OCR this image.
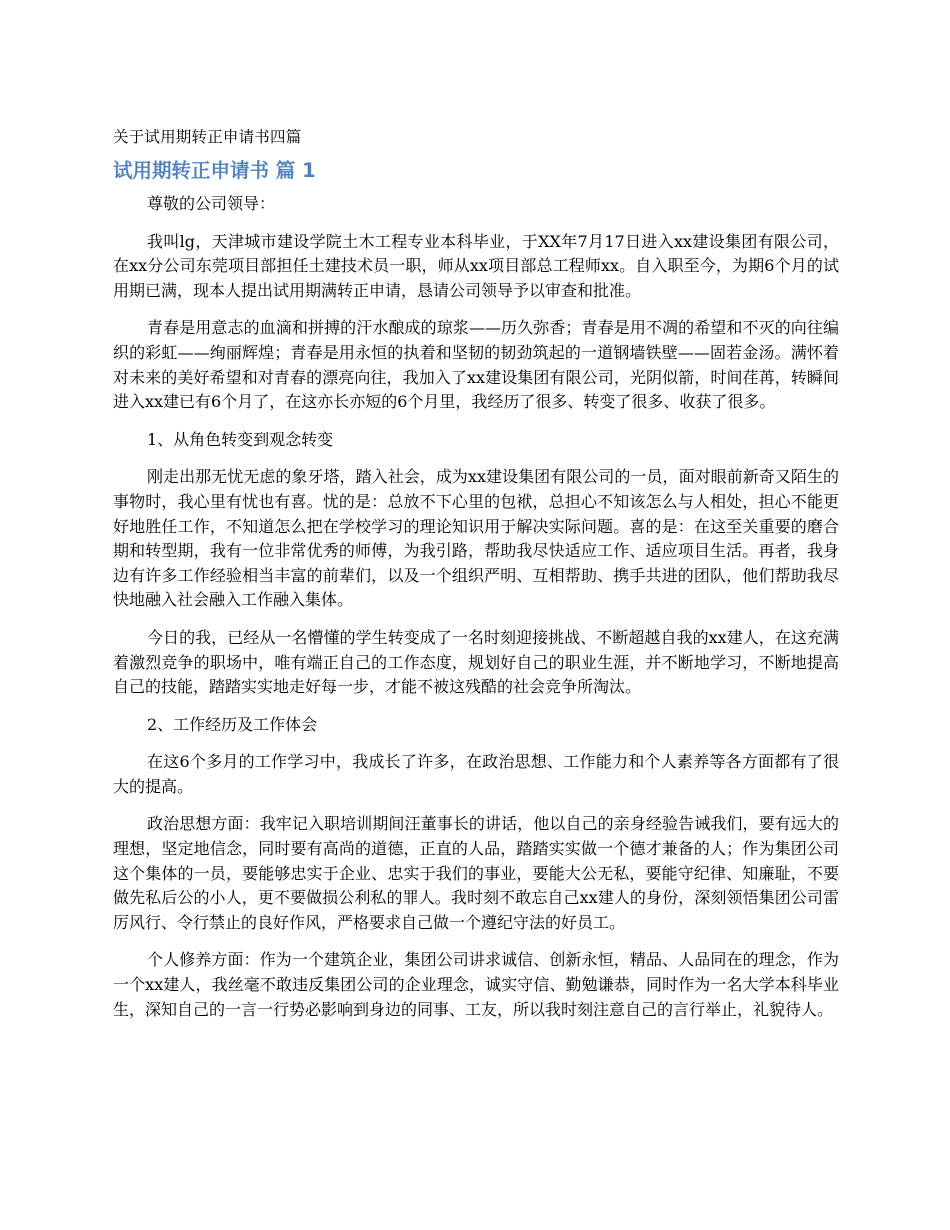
关于试用期转正申请书四篇
试用期转正申请书 篇 1

尊敬的公司领导：

我叫lg，天津城市建设学院土木工程专业本科毕业，于XX年7月17日进入xx建设集团有限公司，在xx分公司东莞项目部担任土建技术员一职，师从xx项目部总工程师xx。自入职至今，为期6个月的试用期已满，现本人提出试用期满转正申请，恳请公司领导予以审查和批准。

青春是用意志的血滴和拼搏的汗水酿成的琼浆——历久弥香；青春是用不凋的希望和不灭的向往编织的彩虹——绚丽辉煌；青春是用永恒的执着和坚韧的韧劲筑起的一道钢墙铁壁——固若金汤。满怀着对未来的美好希望和对青春的漂亮向往，我加入了xx建设集团有限公司，光阴似箭，时间荏苒，转瞬间进入xx建已有6个月了，在这亦长亦短的6个月里，我经历了很多、转变了很多、收获了很多。

1、从角色转变到观念转变

刚走出那无忧无虑的象牙塔，踏入社会，成为xx建设集团有限公司的一员，面对眼前新奇又陌生的事物时，我心里有忧也有喜。忧的是：总放不下心里的包袱，总担心不知该怎么与人相处，担心不能更好地胜任工作，不知道怎么把在学校学习的理论知识用于解决实际问题。喜的是：在这至关重要的磨合期和转型期，我有一位非常优秀的师傅，为我引路，帮助我尽快适应工作、适应项目生活。再者，我身边有许多工作经验相当丰富的前辈们，以及一个组织严明、互相帮助、携手共进的团队，他们帮助我尽快地融入社会融入工作融入集体。

今日的我，已经从一名懵懂的学生转变成了一名时刻迎接挑战、不断超越自我的xx建人，在这充满着激烈竞争的职场中，唯有端正自己的工作态度，规划好自己的职业生涯，并不断地学习，不断地提高自己的技能，踏踏实实地走好每一步，才能不被这残酷的社会竞争所淘汰。

2、工作经历及工作体会

在这6个多月的工作学习中，我成长了许多，在政治思想、工作能力和个人素养等各方面都有了很大的提高。

政治思想方面：我牢记入职培训期间汪董事长的讲话，他以自己的亲身经验告诫我们，要有远大的理想，坚定地信念，同时要有高尚的道德，正直的人品，踏踏实实做一个德才兼备的人；作为集团公司这个集体的一员，要能够忠实于企业、忠实于我们的事业，要能大公无私，要能守纪律、知廉耻，不要做先私后公的小人，更不要做损公利私的罪人。我时刻不敢忘自己xx建人的身份，深刻领悟集团公司雷厉风行、令行禁止的良好作风，严格要求自己做一个遵纪守法的好员工。

个人修养方面：作为一个建筑企业，集团公司讲求诚信、创新永恒，精品、人品同在的理念，作为一个xx建人，我丝毫不敢违反集团公司的企业理念，诚实守信、勤勉谦恭，同时作为一名大学本科毕业生，深知自己的一言一行势必影响到身边的同事、工友，所以我时刻注意自己的言行举止，礼貌待人。
